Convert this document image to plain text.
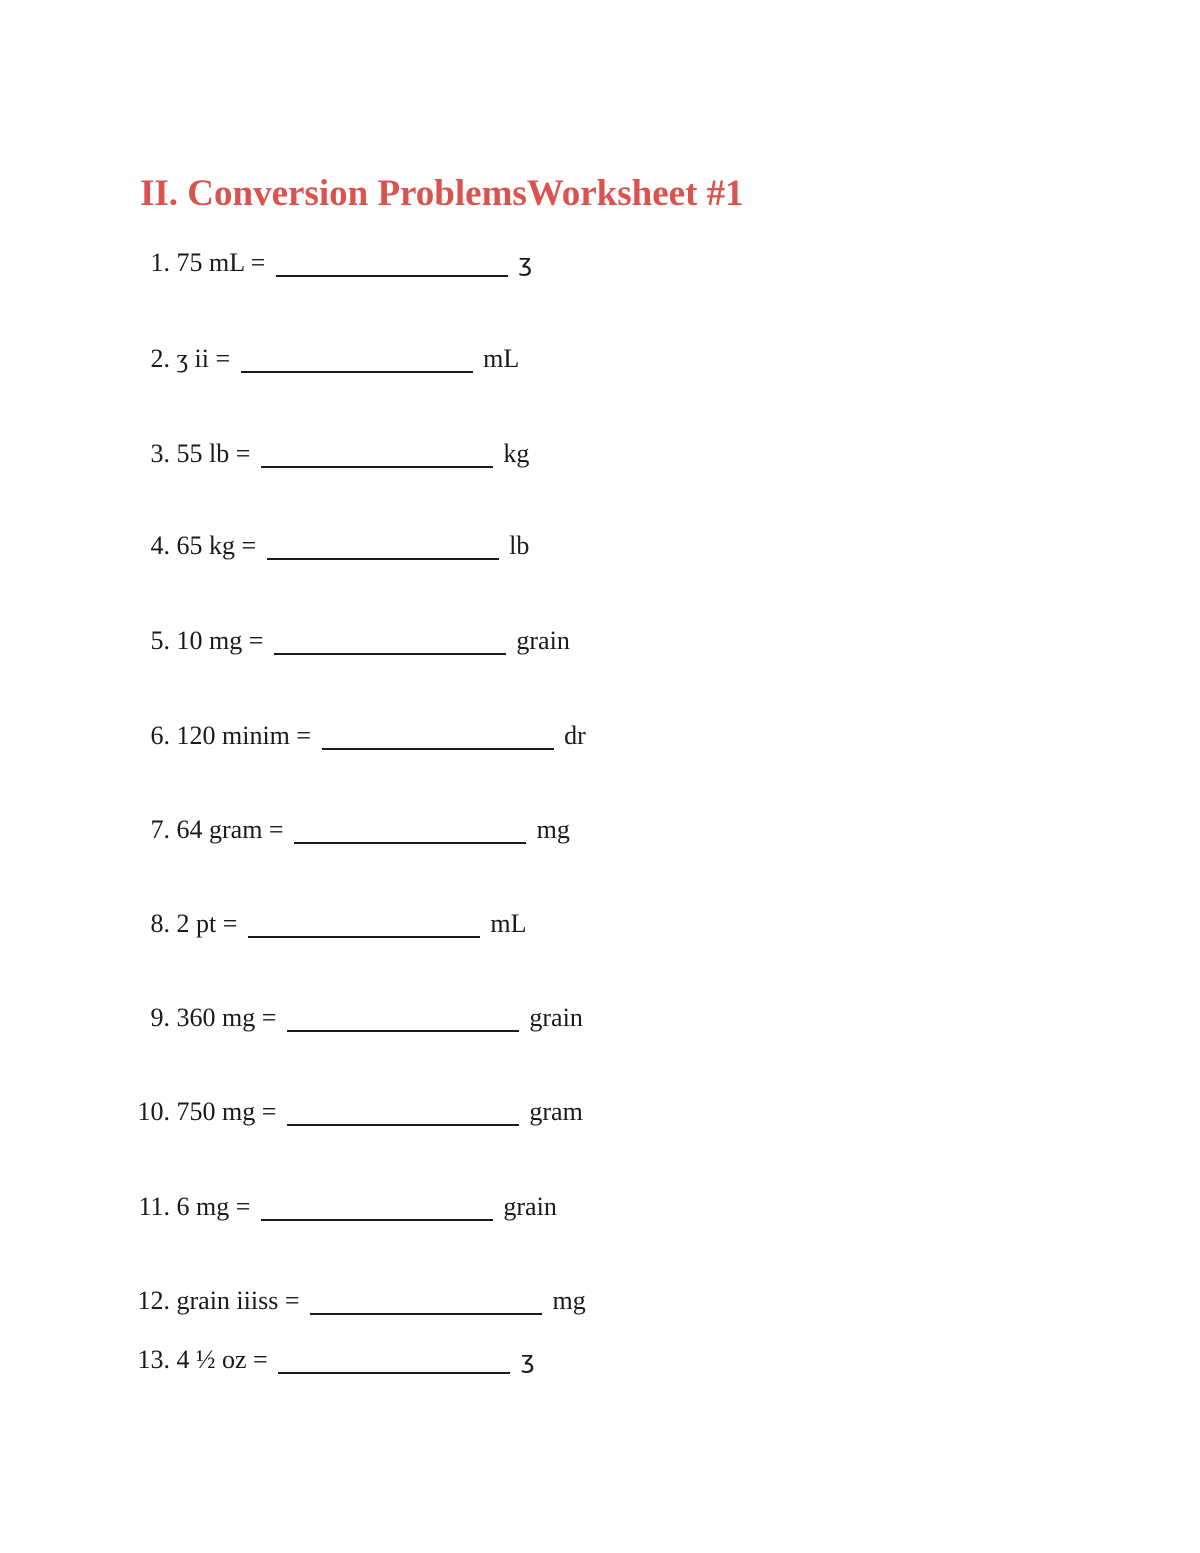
II. Conversion ProblemsWorksheet #1
1. 75 mL =	ʒ
2. ʒ ii =	mL
3. 55 lb =	kg
4. 65 kg =	lb
5. 10 mg =	grain
6. 120 minim =	dr
7. 64 gram =	mg
8. 2 pt =	mL
9. 360 mg =	grain
10. 750 mg =	gram
11. 6 mg =	grain
12. grain iiiss =	mg
13. 4 ½ oz =	ʒ
